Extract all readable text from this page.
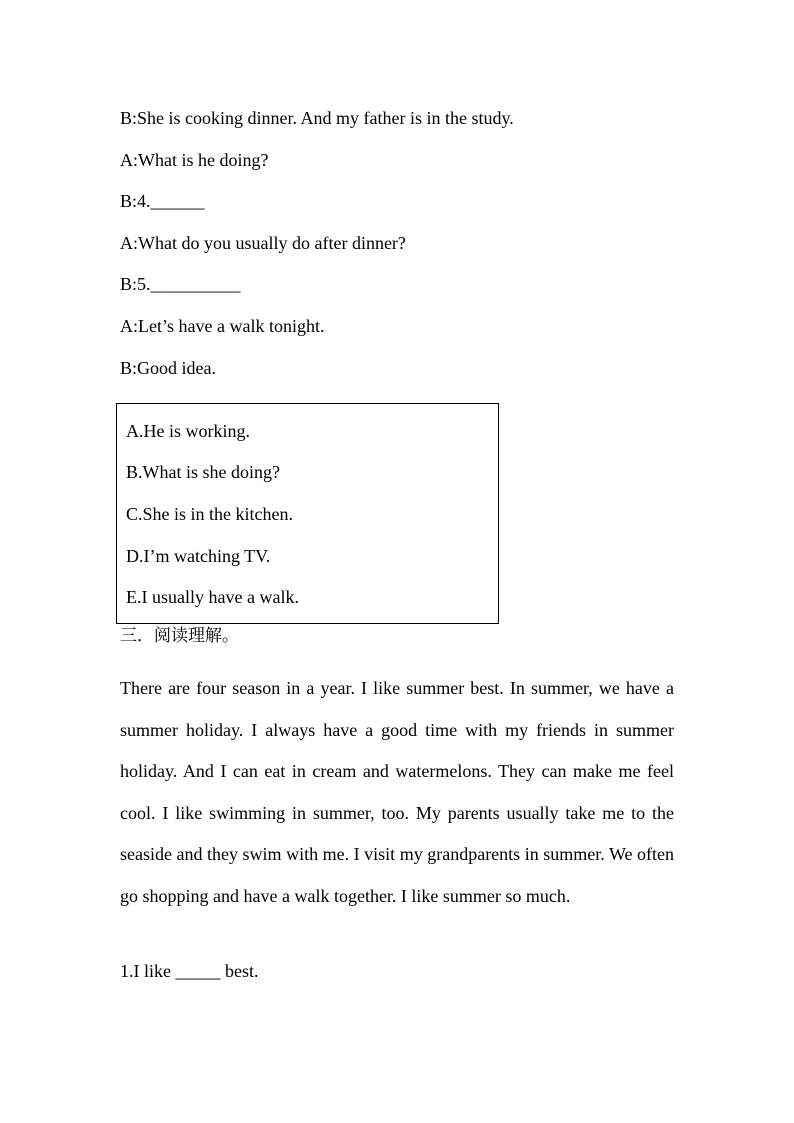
B:She is cooking dinner. And my father is in the study.
A:What is he doing?
B:4.______
A:What do you usually do after dinner?
B:5.__________
A:Let’s have a walk tonight.
B:Good idea.
A.He is working.
B.What is she doing?
C.She is in the kitchen.
D.I’m watching TV.
E.I usually have a walk.
三．阅读理解。

There are four season in a year. I like summer best. In summer, we have a summer holiday. I always have a good time with my friends in summer holiday. And I can eat in cream and watermelons. They can make me feel cool. I like swimming in summer, too. My parents usually take me to the seaside and they swim with me. I visit my grandparents in summer. We often go shopping and have a walk together. I like summer so much.

1.I like _____ best.
